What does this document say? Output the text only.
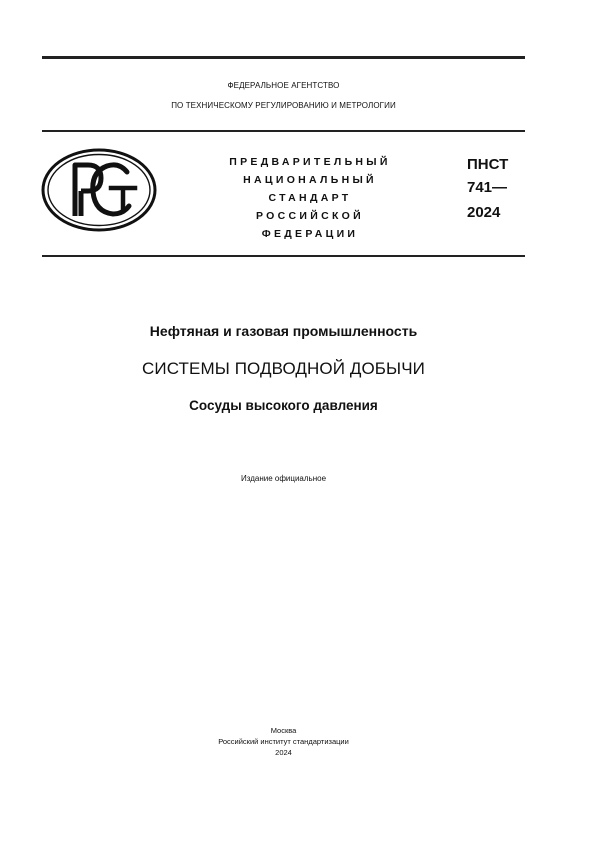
ФЕДЕРАЛЬНОЕ АГЕНТСТВО
ПО ТЕХНИЧЕСКОМУ РЕГУЛИРОВАНИЮ И МЕТРОЛОГИИ
ПРЕДВАРИТЕЛЬНЫЙ
НАЦИОНАЛЬНЫЙ
СТАНДАРТ
РОССИЙСКОЙ
ФЕДЕРАЦИИ
ПНСТ
741—
2024
Нефтяная и газовая промышленность
СИСТЕМЫ ПОДВОДНОЙ ДОБЫЧИ
Сосуды высокого давления
Издание официальное
Москва
Российский институт стандартизации
2024
